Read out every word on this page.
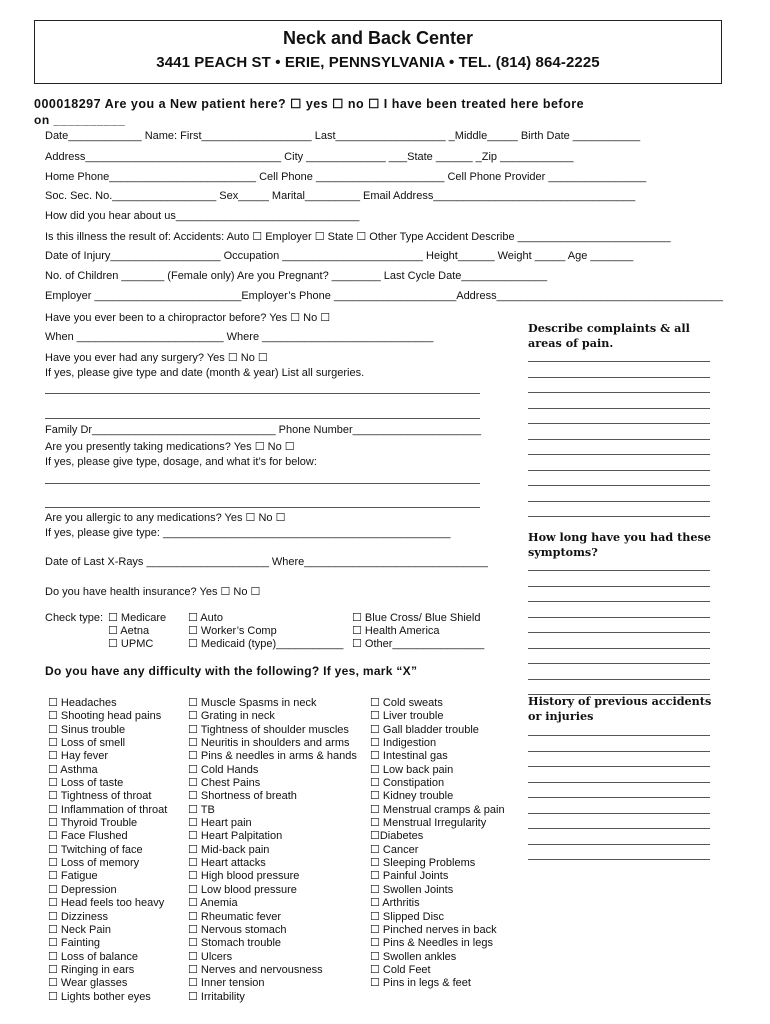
Neck and Back Center
3441 PEACH ST • ERIE, PENNSYLVANIA • TEL. (814) 864-2225
000018297 Are you a New patient here? ☐ yes ☐ no ☐ I have been treated here before
on __________
Date____________ Name: First__________________ Last__________________ _Middle_____ Birth Date ___________
Address________________________________ City _____________ ___State ______ _Zip ____________
Home Phone________________________ Cell Phone _____________________ Cell Phone Provider ________________
Soc. Sec. No._________________ Sex_____ Marital_________ Email Address_________________________________
How did you hear about us______________________________
Is this illness the result of: Accidents: Auto ☐ Employer ☐ State ☐ Other Type Accident Describe _________________________
Date of Injury__________________ Occupation _______________________ Height______ Weight _____ Age _______
No. of Children _______ (Female only) Are you Pregnant? ________ Last Cycle Date______________
Employer ________________________Employer’s Phone ____________________Address_____________________________________
Have you ever been to a chiropractor before? Yes ☐ No ☐
When ________________________ Where ____________________________
Have you ever had any surgery? Yes ☐ No ☐
If yes, please give type and date (month & year) List all surgeries.
Family Dr______________________________ Phone Number_____________________
Are you presently taking medications? Yes ☐ No ☐
If yes, please give type, dosage, and what it’s for below:
Are you allergic to any medications? Yes ☐ No ☐
If yes, please give type: _______________________________________________
Date of Last X-Rays ____________________ Where______________________________
Do you have health insurance? Yes ☐ No ☐
Check type: ☐ Medicare
☐ Aetna
☐ UPMC
☐ Auto
☐ Worker’s Comp
☐ Medicaid (type)___________
☐ Blue Cross/ Blue Shield
☐ Health America
☐ Other_______________
Do you have any difficulty with the following? If yes, mark “X”
☐ Headaches
☐ Shooting head pains
☐ Sinus trouble
☐ Loss of smell
☐ Hay fever
☐ Asthma
☐ Loss of taste
☐ Tightness of throat
☐ Inflammation of throat
☐ Thyroid Trouble
☐ Face Flushed
☐ Twitching of face
☐ Loss of memory
☐ Fatigue
☐ Depression
☐ Head feels too heavy
☐ Dizziness
☐ Neck Pain
☐ Fainting
☐ Loss of balance
☐ Ringing in ears
☐ Wear glasses
☐ Lights bother eyes
☐ Muscle Spasms in neck
☐ Grating in neck
☐ Tightness of shoulder muscles
☐ Neuritis in shoulders and arms
☐ Pins & needles in arms & hands
☐ Cold Hands
☐ Chest Pains
☐ Shortness of breath
☐ TB
☐ Heart pain
☐ Heart Palpitation
☐ Mid-back pain
☐ Heart attacks
☐ High blood pressure
☐ Low blood pressure
☐ Anemia
☐ Rheumatic fever
☐ Nervous stomach
☐ Stomach trouble
☐ Ulcers
☐ Nerves and nervousness
☐ Inner tension
☐ Irritability
☐ Cold sweats
☐ Liver trouble
☐ Gall bladder trouble
☐ Indigestion
☐ Intestinal gas
☐ Low back pain
☐ Constipation
☐ Kidney trouble
☐ Menstrual cramps & pain
☐ Menstrual Irregularity
☐Diabetes
☐ Cancer
☐ Sleeping Problems
☐ Painful Joints
☐ Swollen Joints
☐ Arthritis
☐ Slipped Disc
☐ Pinched nerves in back
☐ Pins & Needles in legs
☐ Swollen ankles
☐ Cold Feet
☐ Pins in legs & feet
Describe complaints & all areas of pain.
How long have you had these symptoms?
History of previous accidents or injuries
